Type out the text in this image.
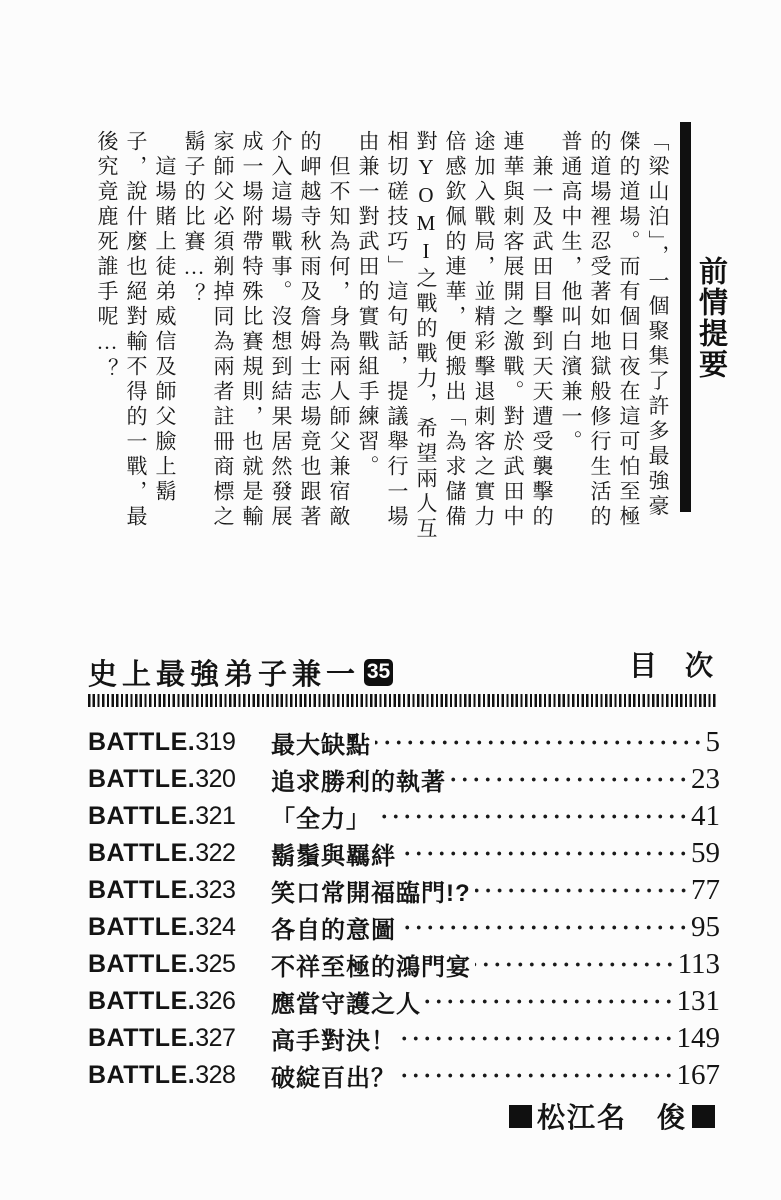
前情提要

「梁山泊」，一個聚集了許多最強豪傑的道場。而有個日夜在這可怕至極的道場裡忍受著如地獄般修行生活的普通高中生，他叫白濱兼一。

　兼一及武田目擊到天天遭受襲擊的連華與刺客展開之激戰。對於武田中途加入戰局，並精彩擊退刺客之實力倍感欽佩的連華，便搬出「為求儲備對YOMI之戰的戰力，希望兩人互相切磋技巧」這句話，提議舉行一場由兼一對武田的實戰組手練習。

　但不知為何，身為兩人師父兼宿敵的岬越寺秋雨及詹姆士志場竟也跟著介入這場戰事。沒想到結果居然發展成一場附帶特殊比賽規則，也就是輸家師父必須剃掉同為兩者註冊商標之鬍子的比賽…？

　這場賭上徒弟威信及師父臉上鬍子，說什麼也絕對輸不得的一戰，最後究竟鹿死誰手呢…？

史上最強弟子兼一 35	目　次
BATTLE.319	最大缺點	5
BATTLE.320	追求勝利的執著	23
BATTLE.321	「全力」	41
BATTLE.322	鬍鬚與羈絆	59
BATTLE.323	笑口常開福臨門!?	77
BATTLE.324	各自的意圖	95
BATTLE.325	不祥至極的鴻門宴	113
BATTLE.326	應當守護之人	131
BATTLE.327	高手對決！	149
BATTLE.328	破綻百出？	167
松江名　俊
